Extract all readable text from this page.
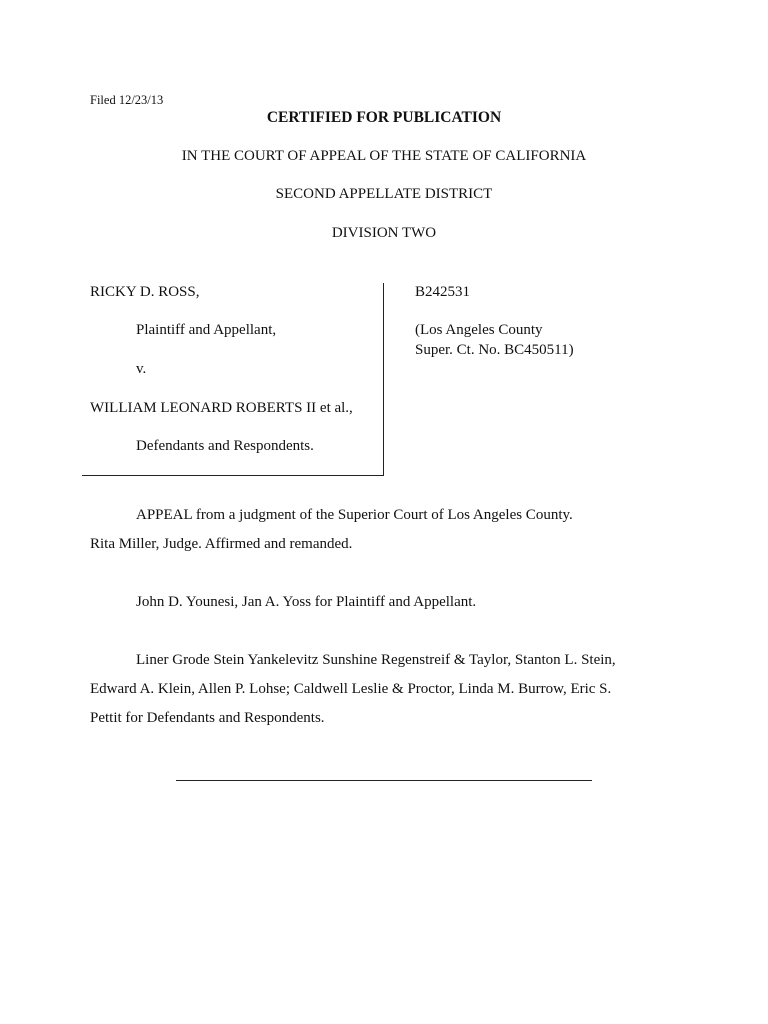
Filed 12/23/13
CERTIFIED FOR PUBLICATION
IN THE COURT OF APPEAL OF THE STATE OF CALIFORNIA
SECOND APPELLATE DISTRICT
DIVISION TWO
RICKY D. ROSS,
Plaintiff and Appellant,
v.
WILLIAM LEONARD ROBERTS II et al.,
Defendants and Respondents.
B242531
(Los Angeles County
Super. Ct. No. BC450511)
APPEAL from a judgment of the Superior Court of Los Angeles County.
Rita Miller, Judge. Affirmed and remanded.
John D. Younesi, Jan A. Yoss for Plaintiff and Appellant.
Liner Grode Stein Yankelevitz Sunshine Regenstreif & Taylor, Stanton L. Stein,
Edward A. Klein, Allen P. Lohse; Caldwell Leslie & Proctor, Linda M. Burrow, Eric S.
Pettit for Defendants and Respondents.
